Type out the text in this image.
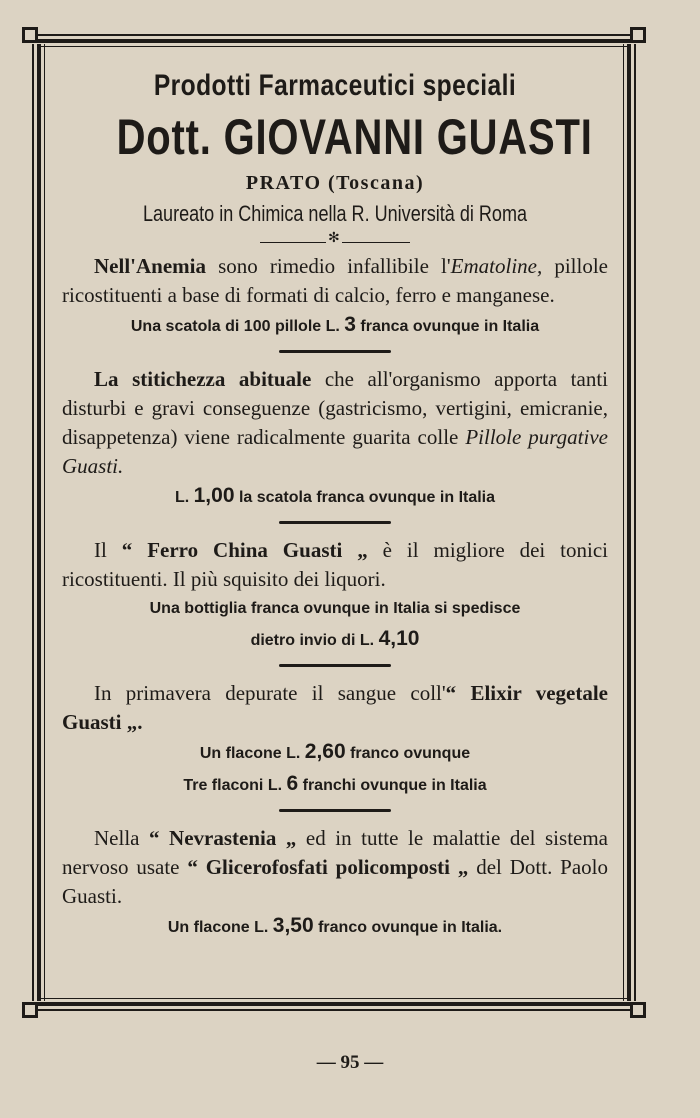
Prodotti Farmaceutici speciali
Dott. GIOVANNI GUASTI
PRATO (Toscana)
Laureato in Chimica nella R. Università di Roma
✻
Nell'Anemia sono rimedio infallibile l'Ematoline, pillole ricostituenti a base di formati di calcio, ferro e manganese.
Una scatola di 100 pillole L. 3 franca ovunque in Italia
La stitichezza abituale che all'organismo apporta tanti disturbi e gravi conseguenze (gastricismo, vertigini, emicranie, disappetenza) viene radicalmente guarita colle Pillole purgative Guasti.
L. 1,00 la scatola franca ovunque in Italia
Il “ Ferro China Guasti „ è il migliore dei tonici ricostituenti. Il più squisito dei liquori.
Una bottiglia franca ovunque in Italia si spedisce
dietro invio di L. 4,10
In primavera depurate il sangue coll'“ Elixir vegetale Guasti „.
Un flacone L. 2,60 franco ovunque
Tre flaconi L. 6 franchi ovunque in Italia
Nella “ Nevrastenia „ ed in tutte le malattie del sistema nervoso usate “ Glicerofosfati policomposti „ del Dott. Paolo Guasti.
Un flacone L. 3,50 franco ovunque in Italia.
— 95 —
